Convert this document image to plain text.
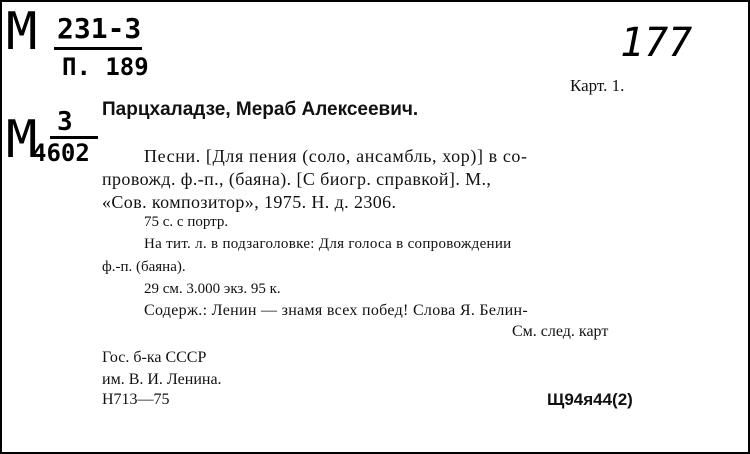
М 231-3
П. 189
177
Карт. 1.
М 3
4602
Парцхаладзе, Мераб Алексеевич.
Песни. [Для пения (соло, ансамбль, хор)] в со-
провожд. ф.-п., (баяна). [С биогр. справкой]. М.,
«Сов. композитор», 1975. Н. д. 2306.
75 с. с портр.
На тит. л. в подзаголовке: Для голоса в сопровождении
ф.-п. (баяна).
29 см. 3.000 экз. 95 к.
Содерж.: Ленин — знамя всех побед! Слова Я. Белин-
См. след. карт
Гос. б-ка СССР
им. В. И. Ленина.
Н713—75	Щ94я44(2)
